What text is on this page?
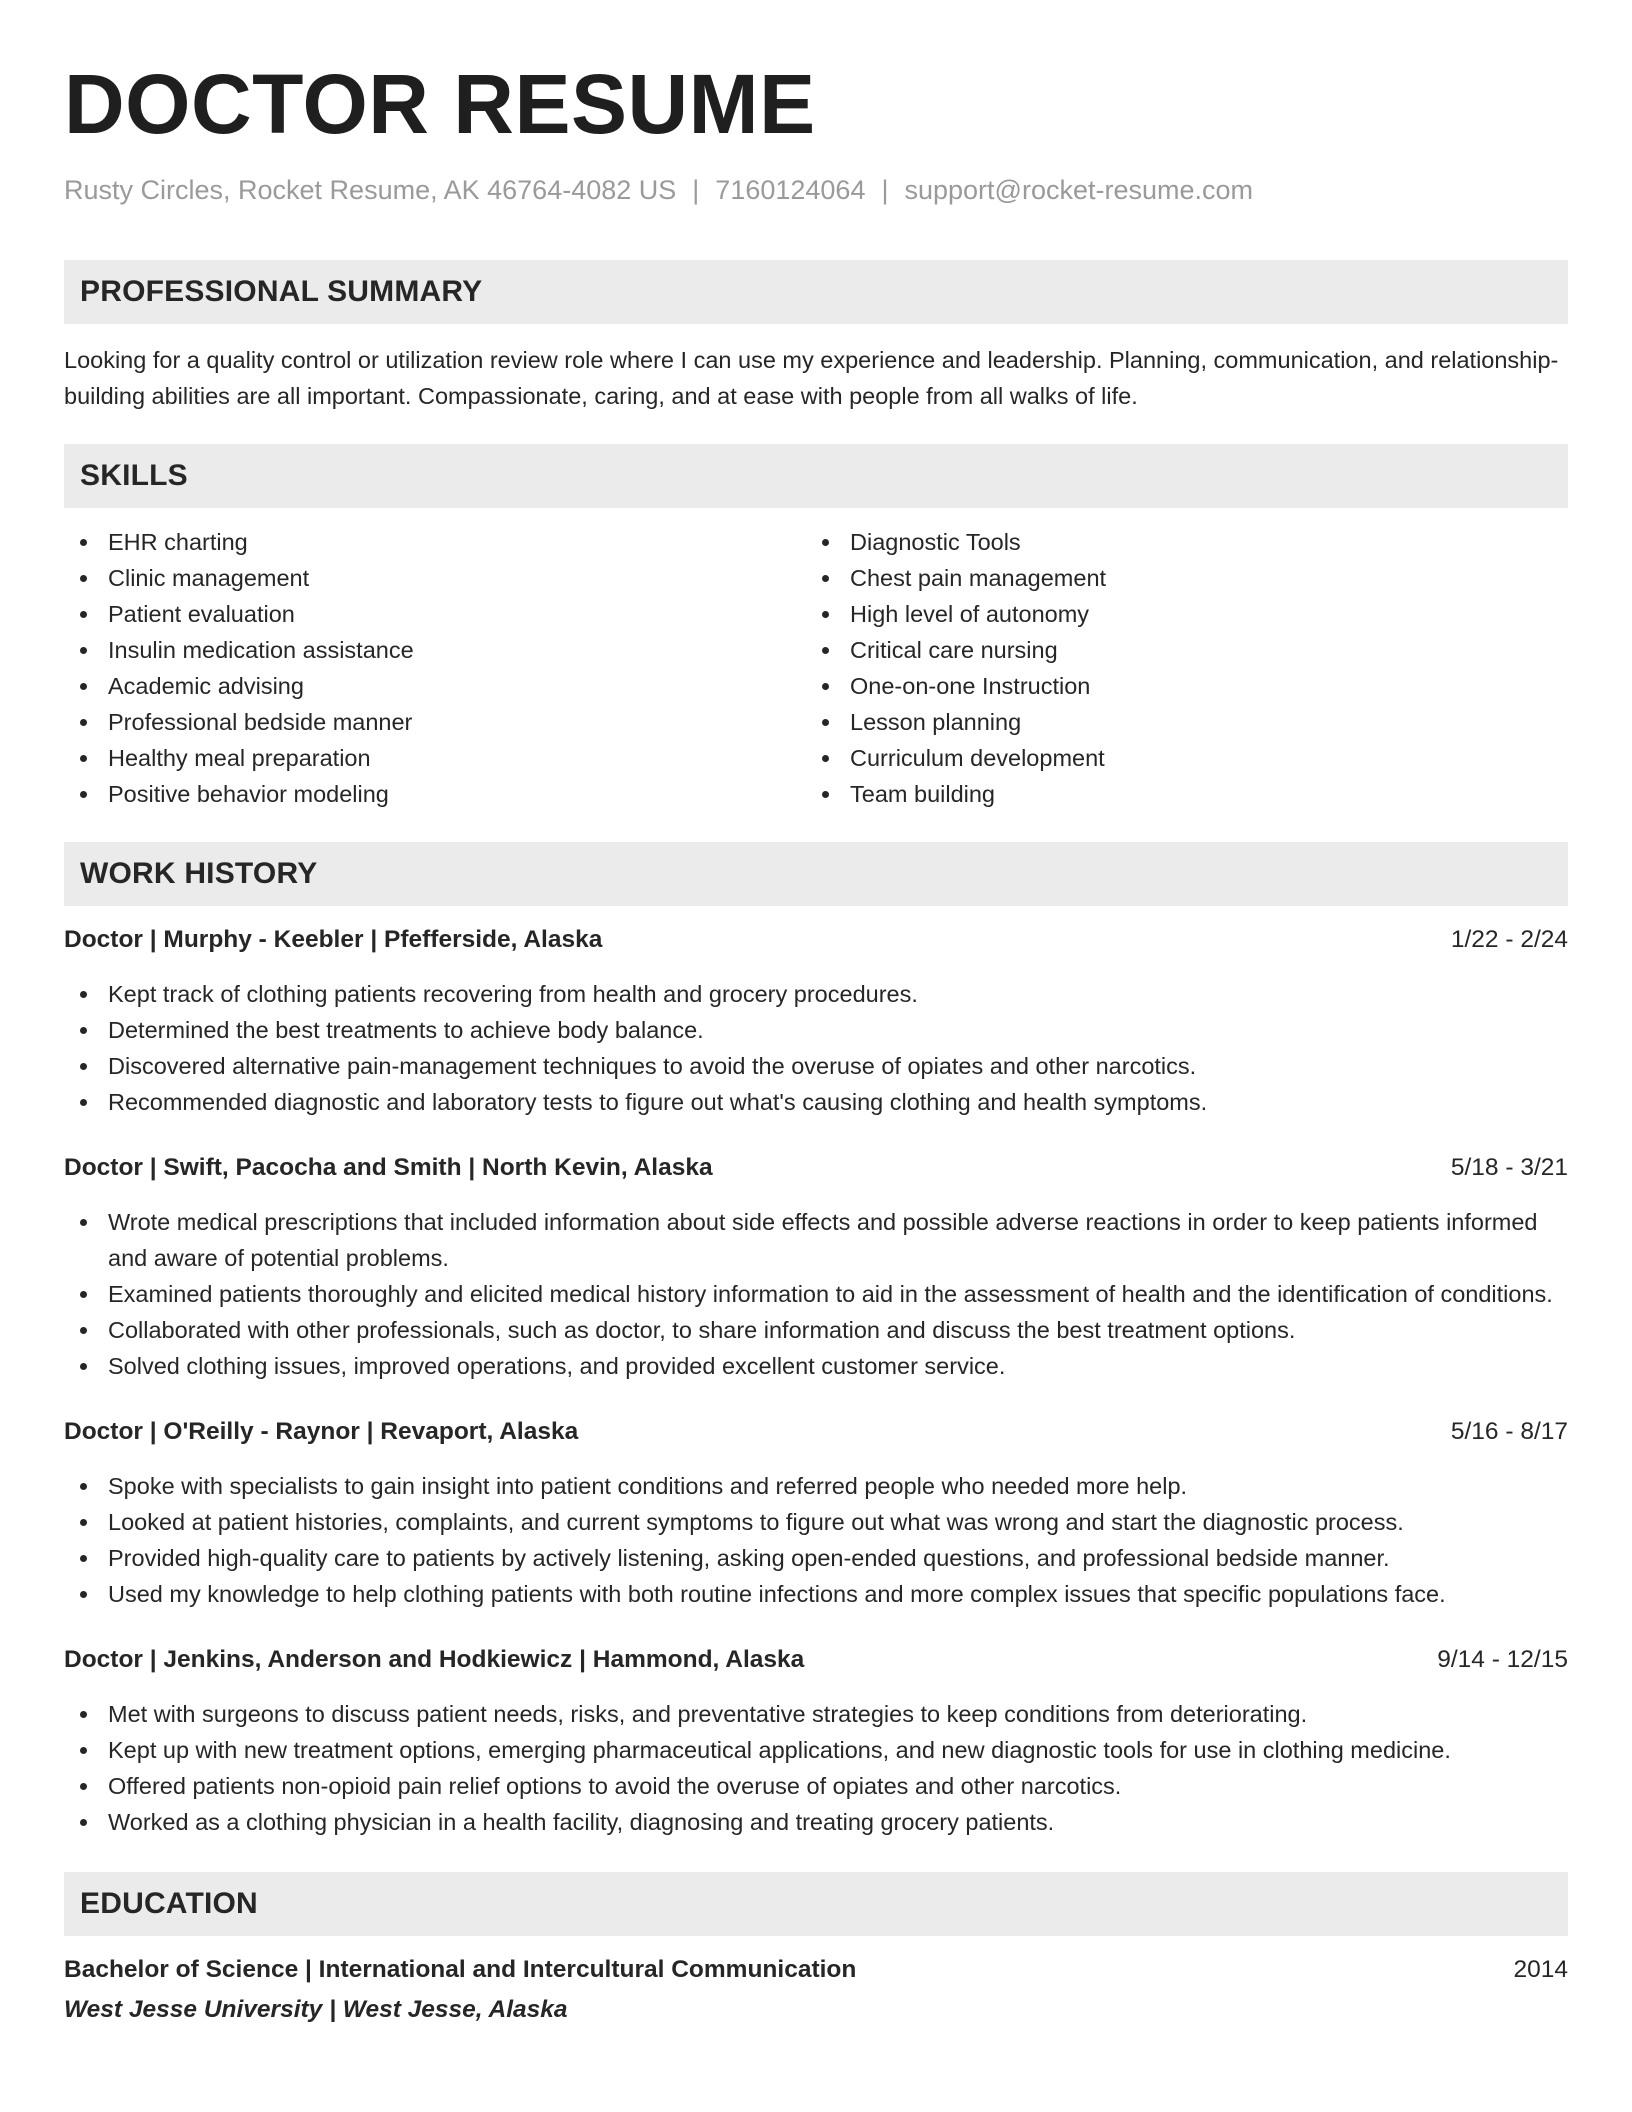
DOCTOR RESUME
Rusty Circles, Rocket Resume, AK 46764-4082 US | 7160124064 | support@rocket-resume.com
PROFESSIONAL SUMMARY
Looking for a quality control or utilization review role where I can use my experience and leadership. Planning, communication, and relationship-building abilities are all important. Compassionate, caring, and at ease with people from all walks of life.
SKILLS
EHR charting
Clinic management
Patient evaluation
Insulin medication assistance
Academic advising
Professional bedside manner
Healthy meal preparation
Positive behavior modeling
Diagnostic Tools
Chest pain management
High level of autonomy
Critical care nursing
One-on-one Instruction
Lesson planning
Curriculum development
Team building
WORK HISTORY
Doctor | Murphy - Keebler | Pfefferside, Alaska	1/22 - 2/24
Kept track of clothing patients recovering from health and grocery procedures.
Determined the best treatments to achieve body balance.
Discovered alternative pain-management techniques to avoid the overuse of opiates and other narcotics.
Recommended diagnostic and laboratory tests to figure out what's causing clothing and health symptoms.
Doctor | Swift, Pacocha and Smith | North Kevin, Alaska	5/18 - 3/21
Wrote medical prescriptions that included information about side effects and possible adverse reactions in order to keep patients informed and aware of potential problems.
Examined patients thoroughly and elicited medical history information to aid in the assessment of health and the identification of conditions.
Collaborated with other professionals, such as doctor, to share information and discuss the best treatment options.
Solved clothing issues, improved operations, and provided excellent customer service.
Doctor | O'Reilly - Raynor | Revaport, Alaska	5/16 - 8/17
Spoke with specialists to gain insight into patient conditions and referred people who needed more help.
Looked at patient histories, complaints, and current symptoms to figure out what was wrong and start the diagnostic process.
Provided high-quality care to patients by actively listening, asking open-ended questions, and professional bedside manner.
Used my knowledge to help clothing patients with both routine infections and more complex issues that specific populations face.
Doctor | Jenkins, Anderson and Hodkiewicz | Hammond, Alaska	9/14 - 12/15
Met with surgeons to discuss patient needs, risks, and preventative strategies to keep conditions from deteriorating.
Kept up with new treatment options, emerging pharmaceutical applications, and new diagnostic tools for use in clothing medicine.
Offered patients non-opioid pain relief options to avoid the overuse of opiates and other narcotics.
Worked as a clothing physician in a health facility, diagnosing and treating grocery patients.
EDUCATION
Bachelor of Science | International and Intercultural Communication	2014
West Jesse University | West Jesse, Alaska
